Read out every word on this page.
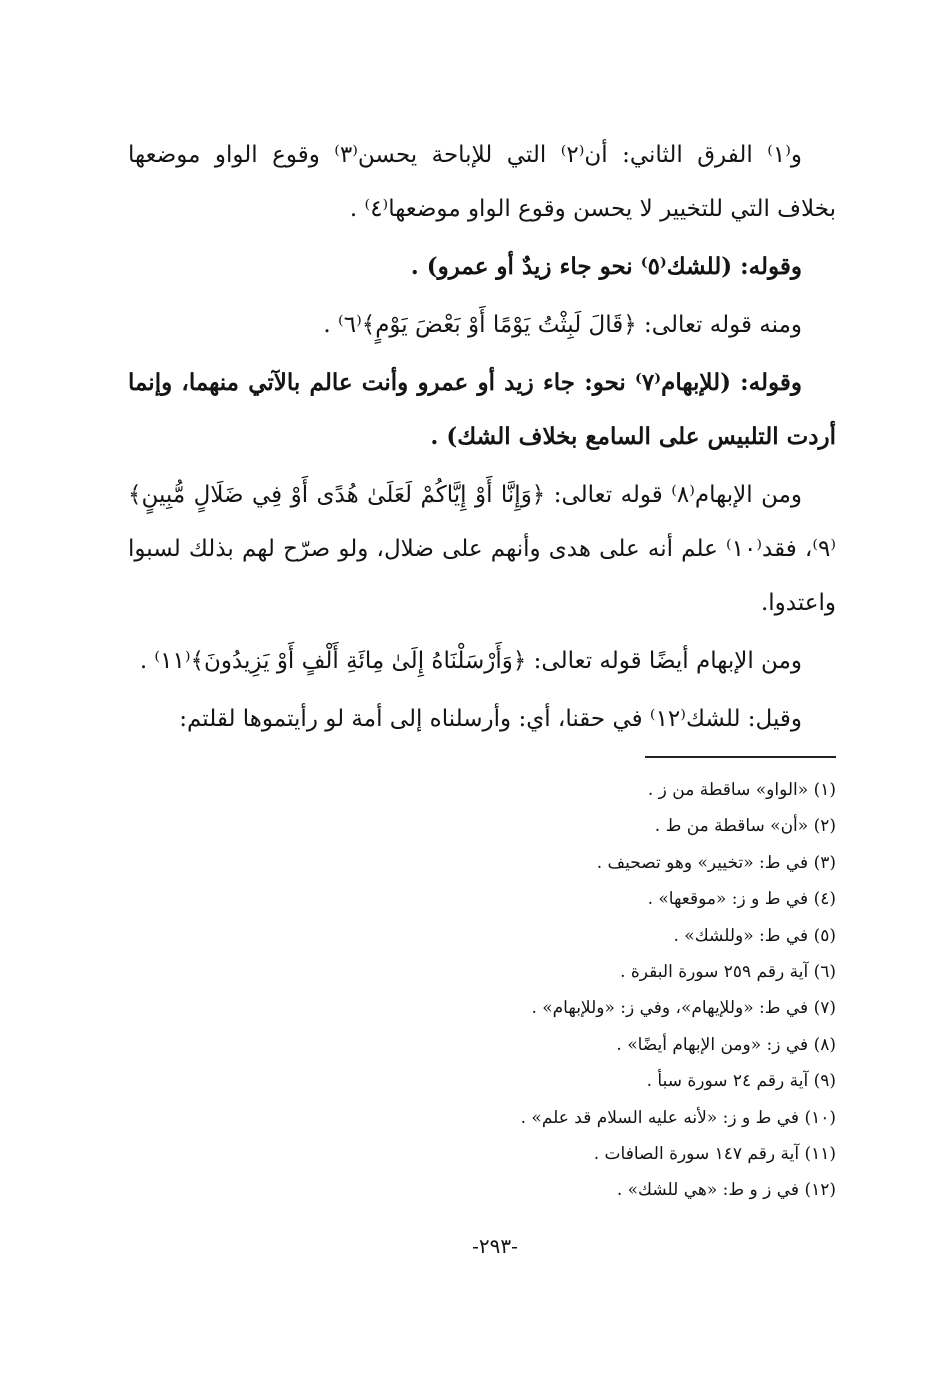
و⁽١⁾ الفرق الثاني: أن⁽٢⁾ التي للإباحة يحسن⁽٣⁾ وقوع الواو موضعها بخلاف التي للتخيير لا يحسن وقوع الواو موضعها⁽٤⁾ .

وقوله: (للشك⁽٥⁾ نحو جاء زيدٌ أو عمرو) .

ومنه قوله تعالى: ﴿قَالَ لَبِثْتُ يَوْمًا أَوْ بَعْضَ يَوْمٍ﴾⁽٦⁾ .

وقوله: (للإبهام⁽٧⁾ نحو: جاء زيد أو عمرو وأنت عالم بالآتي منهما، وإنما أردت التلبيس على السامع بخلاف الشك) .

ومن الإبهام⁽٨⁾ قوله تعالى: ﴿وَإِنَّا أَوْ إِيَّاكُمْ لَعَلَىٰ هُدًى أَوْ فِي ضَلَالٍ مُّبِينٍ﴾⁽٩⁾، فقد⁽١٠⁾ علم أنه على هدى وأنهم على ضلال، ولو صرّح لهم بذلك لسبوا واعتدوا.

ومن الإبهام أيضًا قوله تعالى: ﴿وَأَرْسَلْنَاهُ إِلَىٰ مِائَةِ أَلْفٍ أَوْ يَزِيدُونَ﴾⁽١١⁾ .

وقيل: للشك⁽١٢⁾ في حقنا، أي: وأرسلناه إلى أمة لو رأيتموها لقلتم:

(١) «الواو» ساقطة من ز .
(٢) «أن» ساقطة من ط .
(٣) في ط: «تخيير» وهو تصحيف .
(٤) في ط و ز: «موقعها» .
(٥) في ط: «وللشك» .
(٦) آية رقم ٢٥٩ سورة البقرة .
(٧) في ط: «وللإيهام»، وفي ز: «وللإبهام» .
(٨) في ز: «ومن الإبهام أيضًا» .
(٩) آية رقم ٢٤ سورة سبأ .
(١٠) في ط و ز: «لأنه عليه السلام قد علم» .
(١١) آية رقم ١٤٧ سورة الصافات .
(١٢) في ز و ط: «هي للشك» .
-٢٩٣-
